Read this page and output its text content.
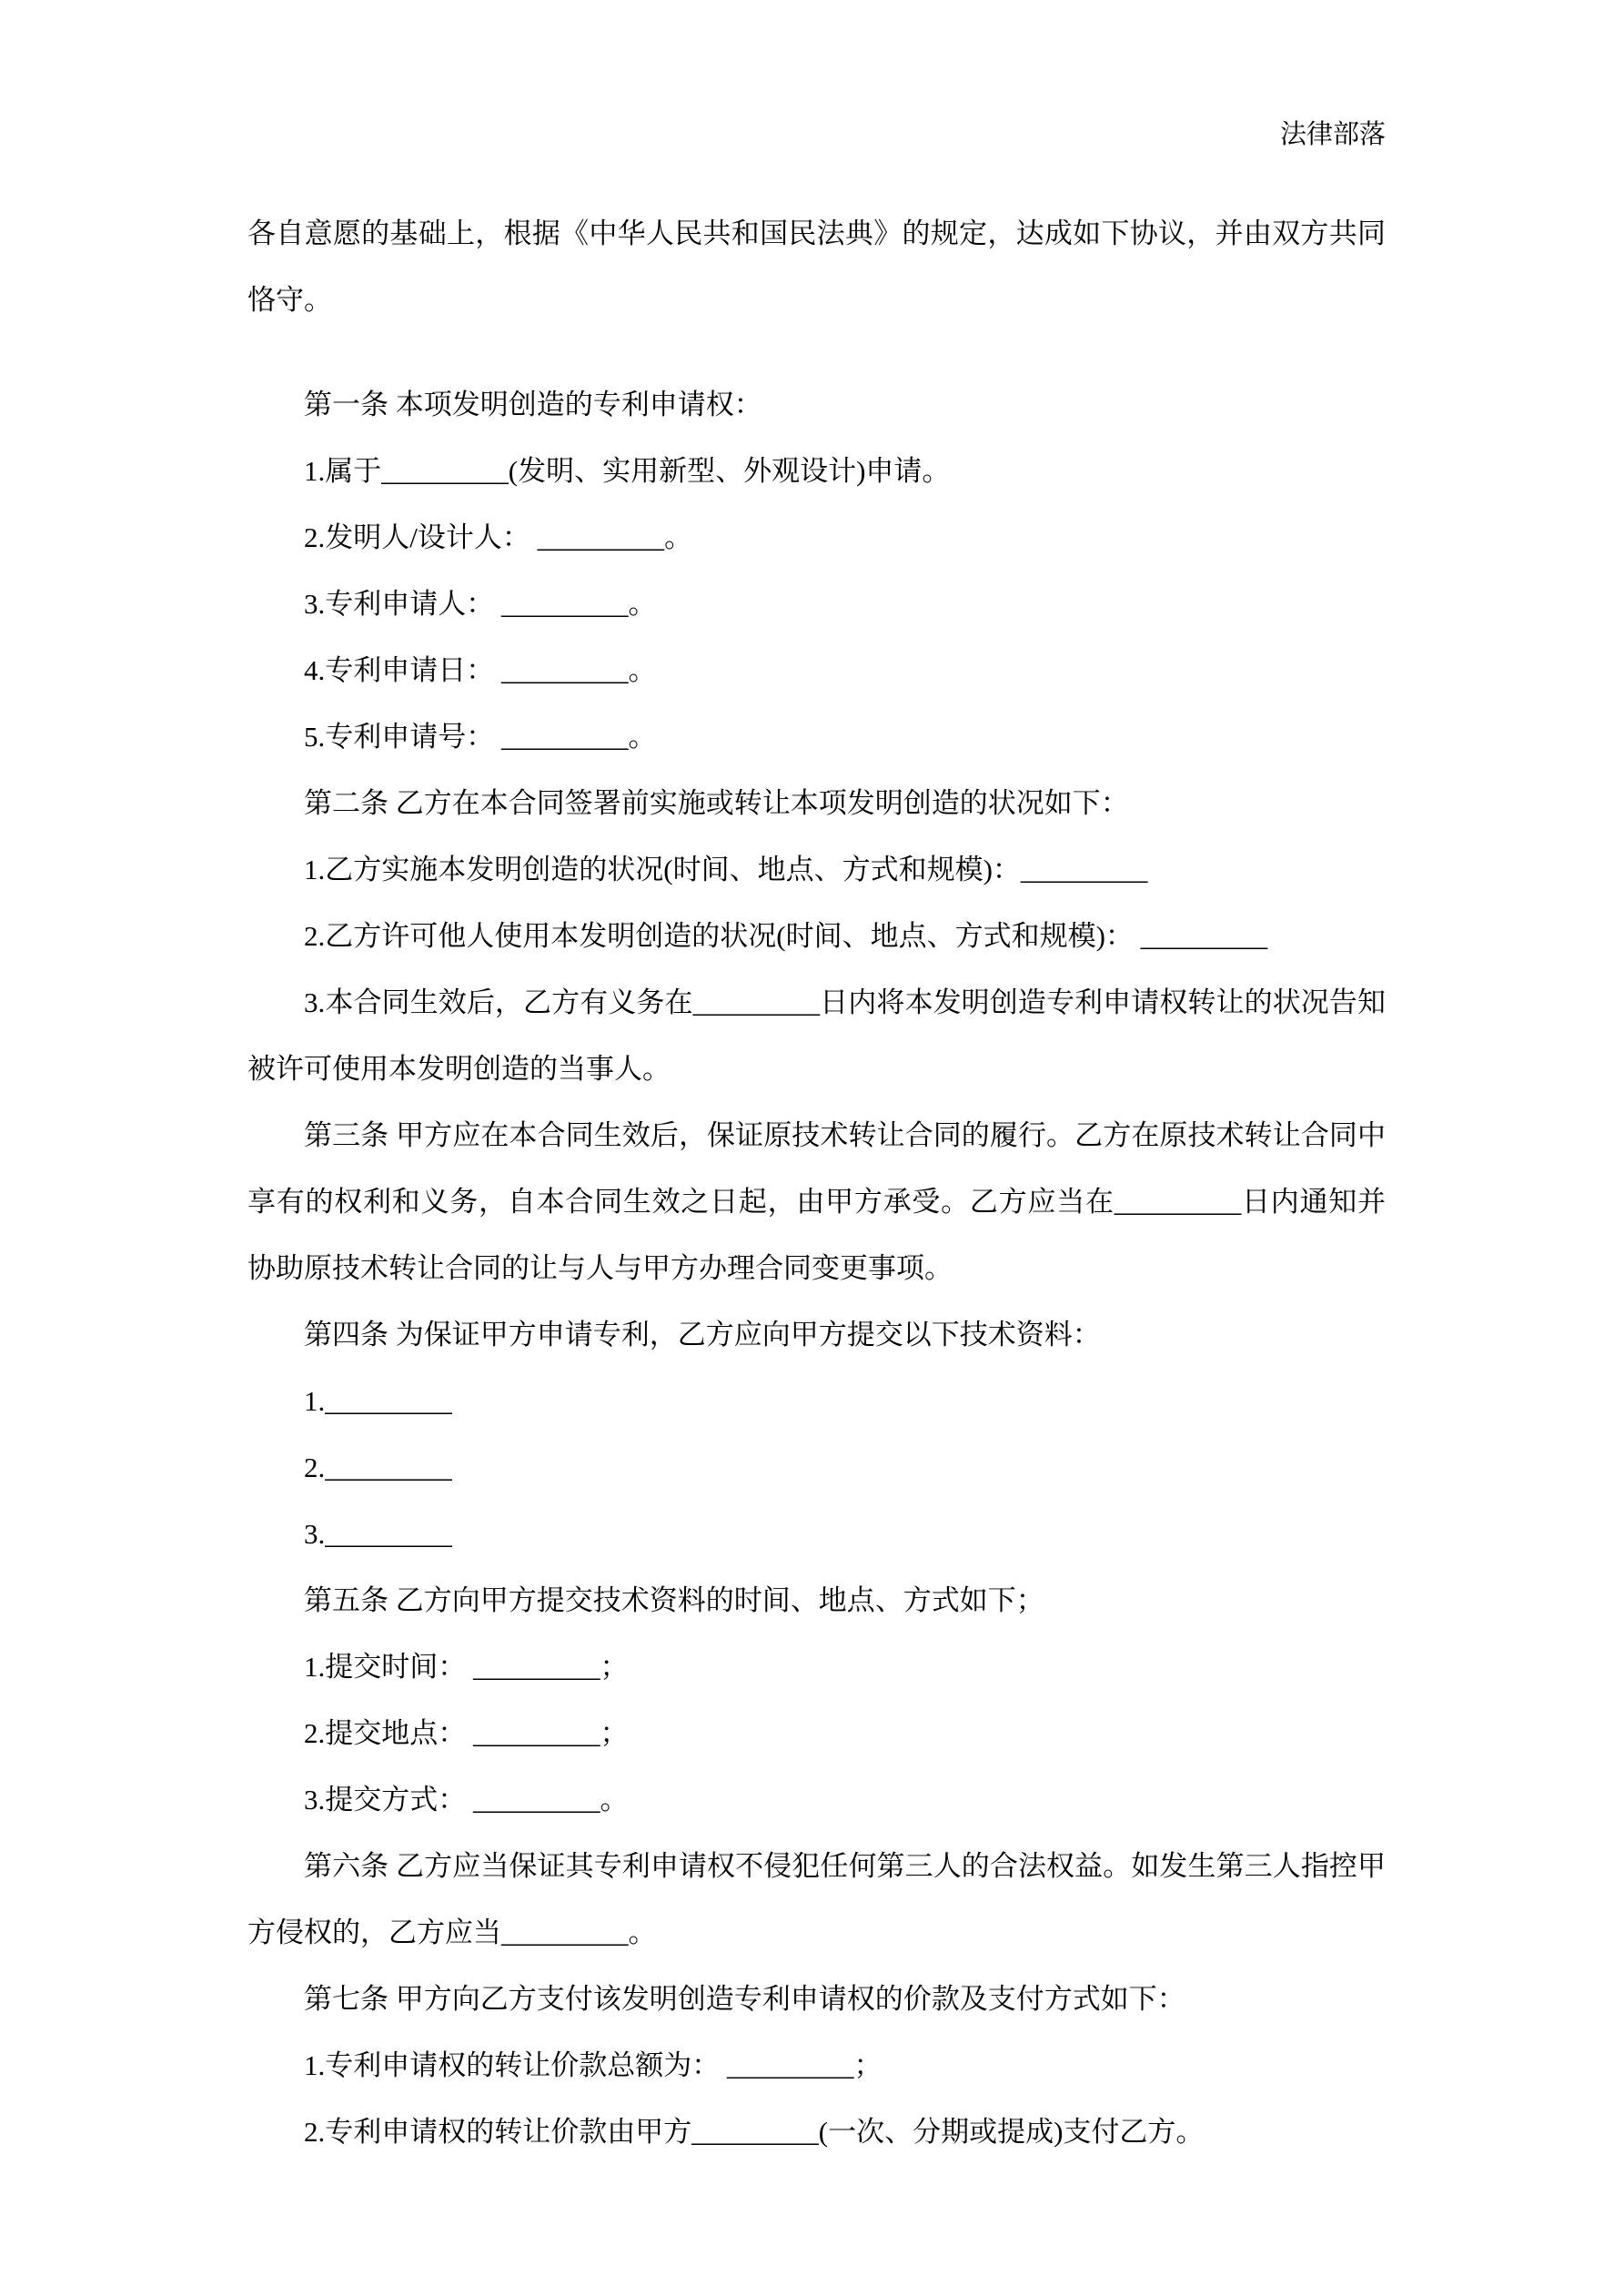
法律部落

各自意愿的基础上，根据《中华人民共和国民法典》的规定，达成如下协议，并由双方共同恪守。

第一条 本项发明创造的专利申请权：

1.属于_________(发明、实用新型、外观设计)申请。

2.发明人/设计人： _________。

3.专利申请人： _________。

4.专利申请日： _________。

5.专利申请号： _________。

第二条 乙方在本合同签署前实施或转让本项发明创造的状况如下：

1.乙方实施本发明创造的状况(时间、地点、方式和规模)：_________

2.乙方许可他人使用本发明创造的状况(时间、地点、方式和规模)： _________

3.本合同生效后，乙方有义务在_________日内将本发明创造专利申请权转让的状况告知被许可使用本发明创造的当事人。

第三条 甲方应在本合同生效后，保证原技术转让合同的履行。乙方在原技术转让合同中享有的权利和义务，自本合同生效之日起，由甲方承受。乙方应当在_________日内通知并协助原技术转让合同的让与人与甲方办理合同变更事项。

第四条 为保证甲方申请专利，乙方应向甲方提交以下技术资料：

1._________

2._________

3._________

第五条 乙方向甲方提交技术资料的时间、地点、方式如下；

1.提交时间： _________；

2.提交地点： _________；

3.提交方式： _________。

第六条 乙方应当保证其专利申请权不侵犯任何第三人的合法权益。如发生第三人指控甲方侵权的，乙方应当_________。

第七条 甲方向乙方支付该发明创造专利申请权的价款及支付方式如下：

1.专利申请权的转让价款总额为： _________；

2.专利申请权的转让价款由甲方_________(一次、分期或提成)支付乙方。
